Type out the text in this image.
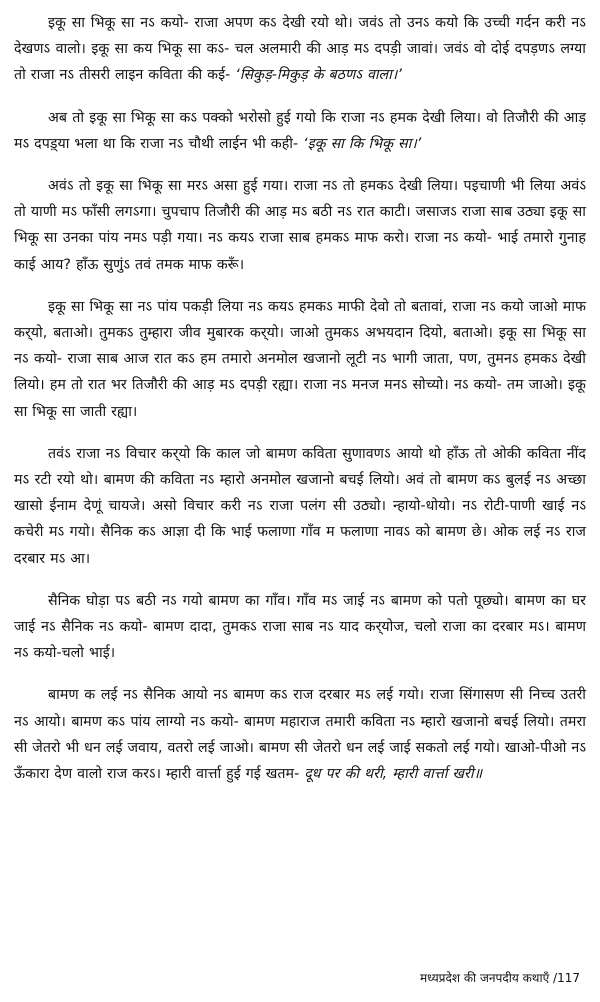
इकू सा भिकू सा नऽ कयो- राजा अपण कऽ देखी रयो थो। जवंऽ तो उनऽ कयो कि उच्ची गर्दन करी नऽ देखणऽ वालो। इकू सा कय भिकू सा कऽ- चल अलमारी की आड़ मऽ दपड़ी जावां। जवंऽ वो दोई दपड़णऽ लग्या तो राजा नऽ तीसरी लाइन कविता की कई- ‘सिकुड़-मिकुड़ के बठणऽ वाला।’

अब तो इकू सा भिकू सा कऽ पक्को भरोसो हुई गयो कि राजा नऽ हमक देखी लिया। वो तिजौरी की आड़ मऽ दपड़्या भला था कि राजा नऽ चौथी लाईन भी कही- ‘इकू सा कि भिकू सा।’

अवंऽ तो इकू सा भिकू सा मरऽ असा हुई गया। राजा नऽ तो हमकऽ देखी लिया। पइचाणी भी लिया अवंऽ तो याणी मऽ फाँसी लगऽगा। चुपचाप तिजौरी की आड़ मऽ बठी नऽ रात काटी। जसाजऽ राजा साब उठ्या इकू सा भिकू सा उनका पांय नमऽ पड़ी गया। नऽ कयऽ राजा साब हमकऽ माफ करो। राजा नऽ कयो- भाई तमारो गुनाह काई आय? हाँऊ सुणुंऽ तवं तमक माफ करूँ।

इकू सा भिकू सा नऽ पांय पकड़ी लिया नऽ कयऽ हमकऽ माफी देवो तो बतावां, राजा नऽ कयो जाओ माफ कर्‌यो, बताओ। तुमकऽ तुम्हारा जीव मुबारक कर्‌यो। जाओ तुमकऽ अभयदान दियो, बताओ। इकू सा भिकू सा नऽ कयो- राजा साब आज रात कऽ हम तमारो अनमोल खजानो लूटी नऽ भागी जाता, पण, तुमनऽ हमकऽ देखी लियो। हम तो रात भर तिजौरी की आड़ मऽ दपड़ी रह्या। राजा नऽ मनज मनऽ सोच्यो। नऽ कयो- तम जाओ। इकू सा भिकू सा जाती रह्या।

तवंऽ राजा नऽ विचार कर्‌यो कि काल जो बामण कविता सुणावणऽ आयो थो हाँऊ तो ओकी कविता नींद मऽ रटी रयो थो। बामण की कविता नऽ म्हारो अनमोल खजानो बचई लियो। अवं तो बामण कऽ बुलई नऽ अच्छा खासो ईनाम देणूं चायजे। असो विचार करी नऽ राजा पलंग सी उठ्यो। न्हायो-धोयो। नऽ रोटी-पाणी खाई नऽ कचेरी मऽ गयो। सैनिक कऽ आज्ञा दी कि भाई फलाणा गाँव म फलाणा नावऽ को बामण छे। ओक लई नऽ राज दरबार मऽ आ।

सैनिक घोड़ा पऽ बठी नऽ गयो बामण का गाँव। गाँव मऽ जाई नऽ बामण को पतो पूछ्यो। बामण का घर जाई नऽ सैनिक नऽ कयो- बामण दादा, तुमकऽ राजा साब नऽ याद कर्‌योज, चलो राजा का दरबार मऽ। बामण नऽ कयो-चलो भाई।

बामण क लई नऽ सैनिक आयो नऽ बामण कऽ राज दरबार मऽ लई गयो। राजा सिंगासण सी निच्च उतरी नऽ आयो। बामण कऽ पांय लाग्यो नऽ कयो- बामण महाराज तमारी कविता नऽ म्हारो खजानो बचई लियो। तमरा सी जेतरो भी धन लई जवाय, वतरो लई जाओ। बामण सी जेतरो धन लई जाई सकतो लई गयो। खाओ-पीओ नऽ ऊँकारा देण वालो राज करऽ। म्हारी वार्त्ता हुई गई खतम- दूध पर की थरी, म्हारी वार्त्ता खरी॥

मध्यप्रदेश की जनपदीय कथाएँ /117
